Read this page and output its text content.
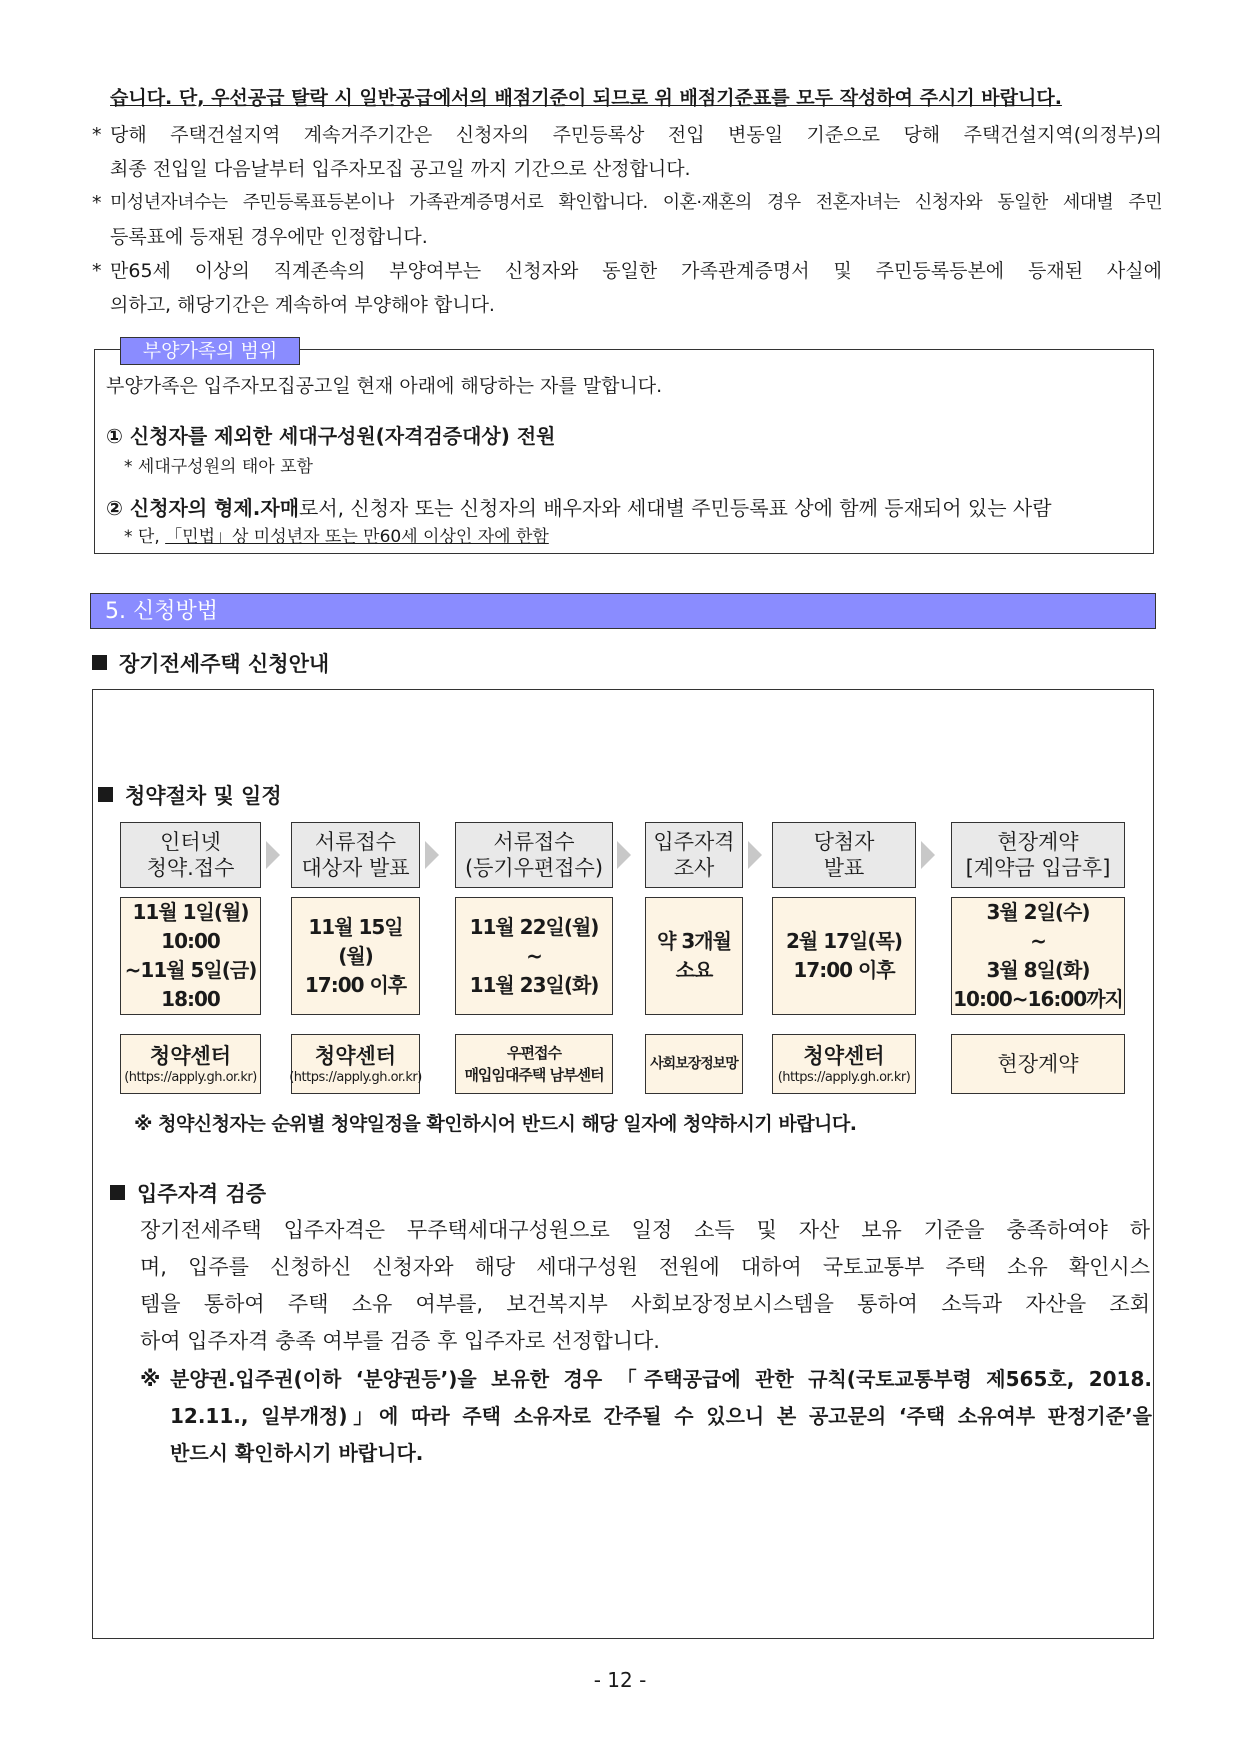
습니다. 단, 우선공급 탈락 시 일반공급에서의 배점기준이 되므로 위 배점기준표를 모두 작성하여 주시기 바랍니다.
* 당해 주택건설지역 계속거주기간은 신청자의 주민등록상 전입 변동일 기준으로 당해 주택건설지역(의정부)의
최종 전입일 다음날부터 입주자모집 공고일 까지 기간으로 산정합니다.
* 미성년자녀수는 주민등록표등본이나 가족관계증명서로 확인합니다. 이혼·재혼의 경우 전혼자녀는 신청자와 동일한 세대별 주민
등록표에 등재된 경우에만 인정합니다.
* 만65세 이상의 직계존속의 부양여부는 신청자와 동일한 가족관계증명서 및 주민등록등본에 등재된 사실에
의하고, 해당기간은 계속하여 부양해야 합니다.
부양가족의 범위
부양가족은 입주자모집공고일 현재 아래에 해당하는 자를 말합니다.
① 신청자를 제외한 세대구성원(자격검증대상) 전원
* 세대구성원의 태아 포함
② 신청자의 형제.자매로서, 신청자 또는 신청자의 배우자와 세대별 주민등록표 상에 함께 등재되어 있는 사람
* 단, 「민법」상 미성년자 또는 만60세 이상인 자에 한함
5. 신청방법
장기전세주택 신청안내
청약절차 및 일정
인터넷
청약.접수
서류접수
대상자 발표
서류접수
(등기우편접수)
입주자격
조사
당첨자
발표
현장계약
[계약금 입금후]
11월 1일(월)
10:00
~11월 5일(금)
18:00
11월 15일(월)
17:00 이후
11월 22일(월)
~
11월 23일(화)
약 3개월
소요
2월 17일(목)
17:00 이후
3월 2일(수)
~
3월 8일(화)
10:00~16:00까지
청약센터
(https://apply.gh.or.kr)
청약센터
(https://apply.gh.or.kr)
우편접수
매입임대주택 남부센터
사회보장정보망	청약센터
(https://apply.gh.or.kr)
현장계약
※ 청약신청자는 순위별 청약일정을 확인하시어 반드시 해당 일자에 청약하시기 바랍니다.
입주자격 검증
장기전세주택 입주자격은 무주택세대구성원으로 일정 소득 및 자산 보유 기준을 충족하여야 하
며, 입주를 신청하신 신청자와 해당 세대구성원 전원에 대하여 국토교통부 주택 소유 확인시스
템을 통하여 주택 소유 여부를, 보건복지부 사회보장정보시스템을 통하여 소득과 자산을 조회
하여 입주자격 충족 여부를 검증 후 입주자로 선정합니다.
※ 분양권.입주권(이하 ‘분양권등’)을 보유한 경우 「주택공급에 관한 규칙(국토교통부령 제565호, 2018.
12.11., 일부개정)」에 따라 주택 소유자로 간주될 수 있으니 본 공고문의 ‘주택 소유여부 판정기준’을
반드시 확인하시기 바랍니다.
- 12 -
